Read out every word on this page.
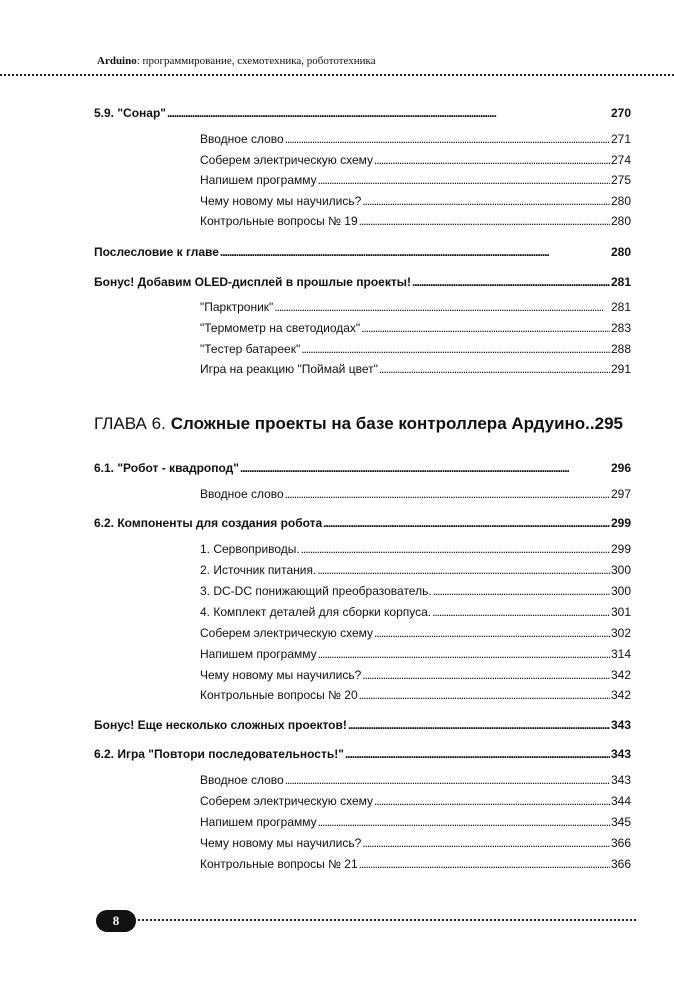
Arduino: программирование, схемотехника, робототехника
5.9. "Сонар" . . .	270
Вводное слово . . .	271
Соберем электрическую схему . . .	274
Напишем программу . . .	275
Чему новому мы научились? . . .	280
Контрольные вопросы № 19 . . .	280
Послесловие к главе . . .	280
Бонус! Добавим OLED-дисплей в прошлые проекты! . . .	281
"Парктроник" . . .	281
"Термометр на светодиодах" . . .	283
"Тестер батареек" . . .	288
Игра на реакцию "Поймай цвет" . . .	291
ГЛАВА 6. Сложные проекты на базе контроллера Ардуино .. 295
6.1. "Робот - квадропод" . . .	296
Вводное слово . . .	297
6.2. Компоненты для создания робота . . .	299
1. Сервоприводы. . . .	299
2. Источник питания. . . .	300
3. DC-DC понижающий преобразователь. . . .	300
4. Комплект деталей для сборки корпуса. . . .	301
Соберем электрическую схему . . .	302
Напишем программу . . .	314
Чему новому мы научились? . . .	342
Контрольные вопросы № 20 . . .	342
Бонус! Еще несколько сложных проектов! . . .	343
6.2. Игра "Повтори последовательность!" . . .	343
Вводное слово . . .	343
Соберем электрическую схему . . .	344
Напишем программу . . .	345
Чему новому мы научились? . . .	366
Контрольные вопросы № 21 . . .	366
8
